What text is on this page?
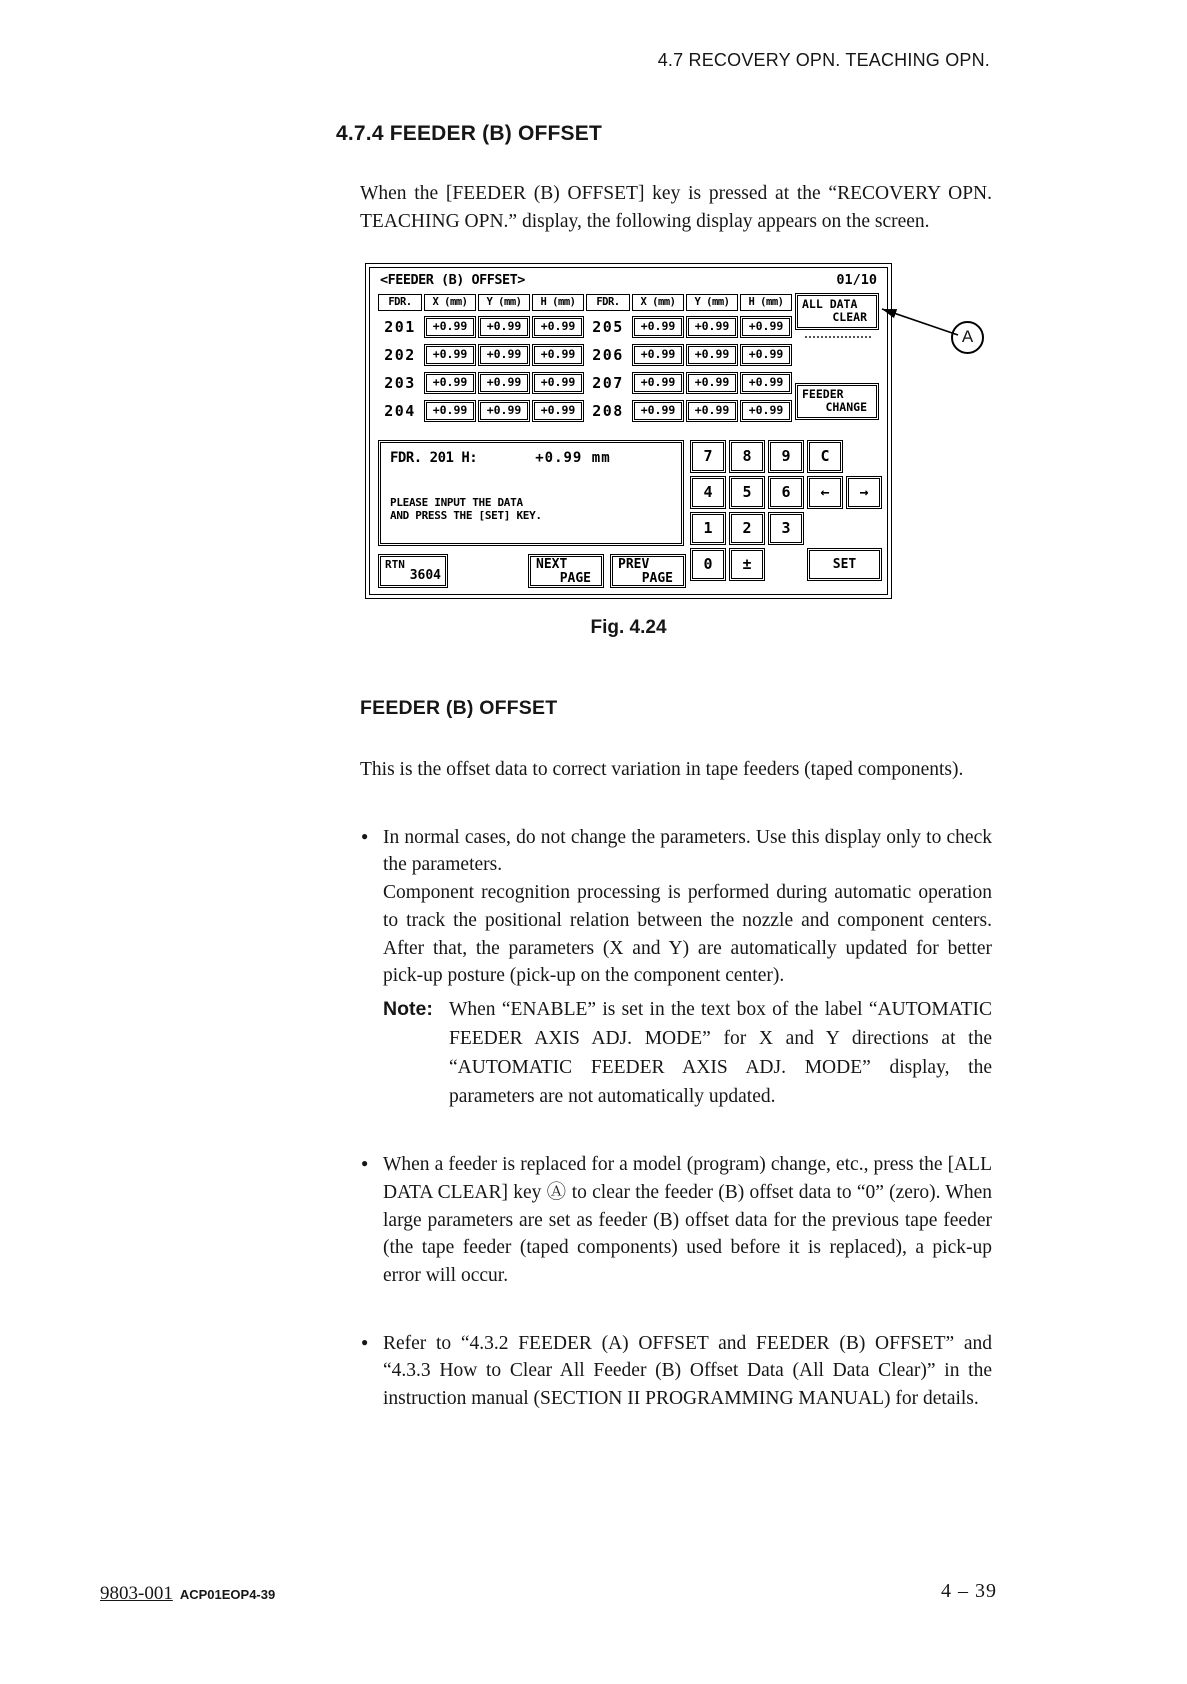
4.7 RECOVERY OPN. TEACHING OPN.
4.7.4 FEEDER (B) OFFSET

When the [FEEDER (B) OFFSET] key is pressed at the “RECOVERY OPN. TEACHING OPN.” display, the following display appears on the screen.

<FEEDER (B) OFFSET>	01/10
FDR.	X (mm)	Y (mm)	H (mm)	FDR.	X (mm)	Y (mm)	H (mm)
201	+0.99	+0.99	+0.99	205	+0.99	+0.99	+0.99
202	+0.99	+0.99	+0.99	206	+0.99	+0.99	+0.99
203	+0.99	+0.99	+0.99	207	+0.99	+0.99	+0.99
204	+0.99	+0.99	+0.99	208	+0.99	+0.99	+0.99
ALL DATA
CLEAR
FEEDER
CHANGE
FDR. 201 H:	+0.99 mm
PLEASE INPUT THE DATA
AND PRESS THE [SET] KEY.
RTN
3604
NEXT
PAGE
PREV
PAGE
7	8	9	C
4	5	6	←	→
1	2	3
0	±	SET
A
Fig. 4.24
FEEDER (B) OFFSET

This is the offset data to correct variation in tape feeders (taped components).

● In normal cases, do not change the parameters. Use this display only to check the parameters.

Component recognition processing is performed during automatic operation to track the positional relation between the nozzle and component centers. After that, the parameters (X and Y) are automatically updated for better pick-up posture (pick-up on the component center).

Note: When “ENABLE” is set in the text box of the label “AUTOMATIC FEEDER AXIS ADJ. MODE” for X and Y directions at the “AUTOMATIC FEEDER AXIS ADJ. MODE” display, the parameters are not automatically updated.
● When a feeder is replaced for a model (program) change, etc., press the [ALL DATA CLEAR] key Ⓐ to clear the feeder (B) offset data to “0” (zero). When large parameters are set as feeder (B) offset data for the previous tape feeder (the tape feeder (taped components) used before it is replaced), a pick-up error will occur.
● Refer to “4.3.2 FEEDER (A) OFFSET and FEEDER (B) OFFSET” and “4.3.3 How to Clear All Feeder (B) Offset Data (All Data Clear)” in the instruction manual (SECTION II PROGRAMMING MANUAL) for details.
9803-001 ACP01EOP4-39	4 – 39
